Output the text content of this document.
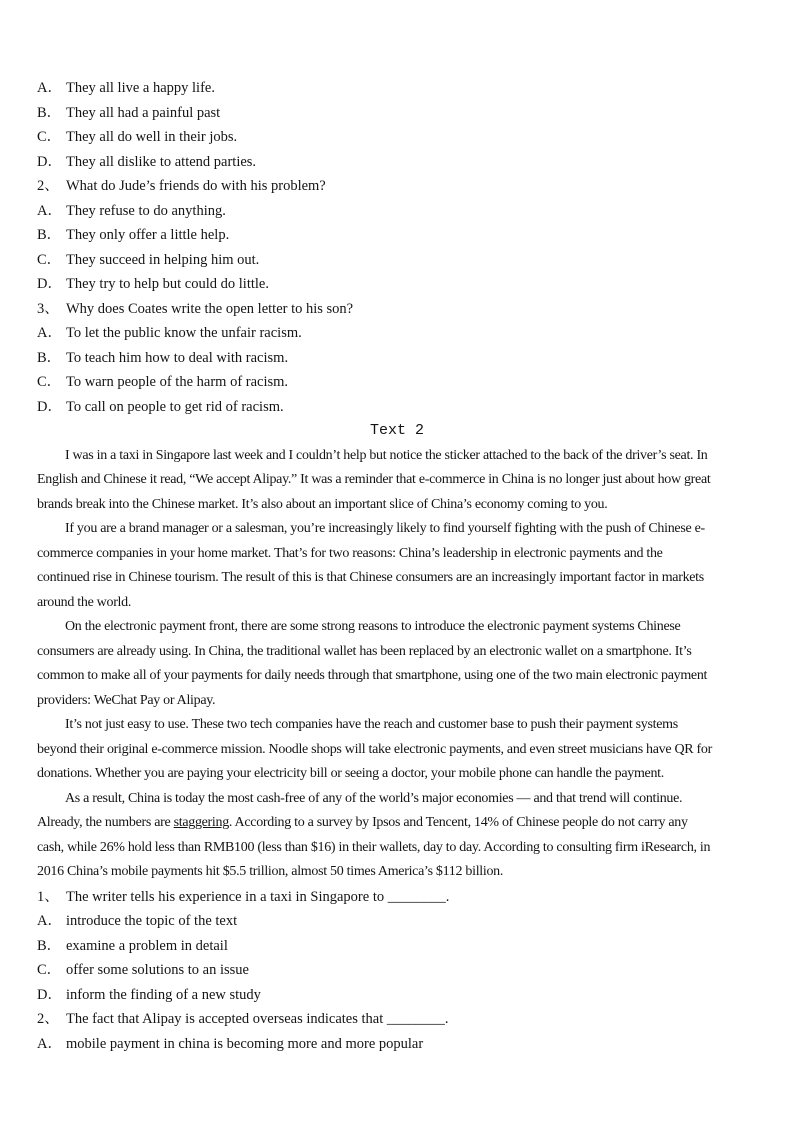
A． They all live a happy life.
B． They all had a painful past
C． They all do well in their jobs.
D． They all dislike to attend parties.
2、 What do Jude’s friends do with his problem?
A． They refuse to do anything.
B． They only offer a little help.
C． They succeed in helping him out.
D． They try to help but could do little.
3、 Why does Coates write the open letter to his son?
A． To let the public know the unfair racism.
B． To teach him how to deal with racism.
C． To warn people of the harm of racism.
D． To call on people to get rid of racism.
Text 2
I was in a taxi in Singapore last week and I couldn’t help but notice the sticker attached to the back of the driver’s seat. In
English and Chinese it read, “We accept Alipay.” It was a reminder that e-commerce in China is no longer just about how great
brands break into the Chinese market. It’s also about an important slice of China’s economy coming to you.
If you are a brand manager or a salesman, you’re increasingly likely to find yourself fighting with the push of Chinese e-
commerce companies in your home market. That’s for two reasons: China’s leadership in electronic payments and the
continued rise in Chinese tourism. The result of this is that Chinese consumers are an increasingly important factor in markets
around the world.
On the electronic payment front, there are some strong reasons to introduce the electronic payment systems Chinese
consumers are already using. In China, the traditional wallet has been replaced by an electronic wallet on a smartphone. It’s
common to make all of your payments for daily needs through that smartphone, using one of the two main electronic payment
providers: WeChat Pay or Alipay.
It’s not just easy to use. These two tech companies have the reach and customer base to push their payment systems
beyond their original e-commerce mission. Noodle shops will take electronic payments, and even street musicians have QR for
donations. Whether you are paying your electricity bill or seeing a doctor, your mobile phone can handle the payment.
As a result, China is today the most cash-free of any of the world’s major economies — and that trend will continue.
Already, the numbers are staggering. According to a survey by Ipsos and Tencent, 14% of Chinese people do not carry any
cash, while 26% hold less than RMB100 (less than $16) in their wallets, day to day. According to consulting firm iResearch, in
2016 China’s mobile payments hit $5.5 trillion, almost 50 times America’s $112 billion.
1、 The writer tells his experience in a taxi in Singapore to ________.
A． introduce the topic of the text
B． examine a problem in detail
C． offer some solutions to an issue
D． inform the finding of a new study
2、 The fact that Alipay is accepted overseas indicates that ________.
A． mobile payment in china is becoming more and more popular
